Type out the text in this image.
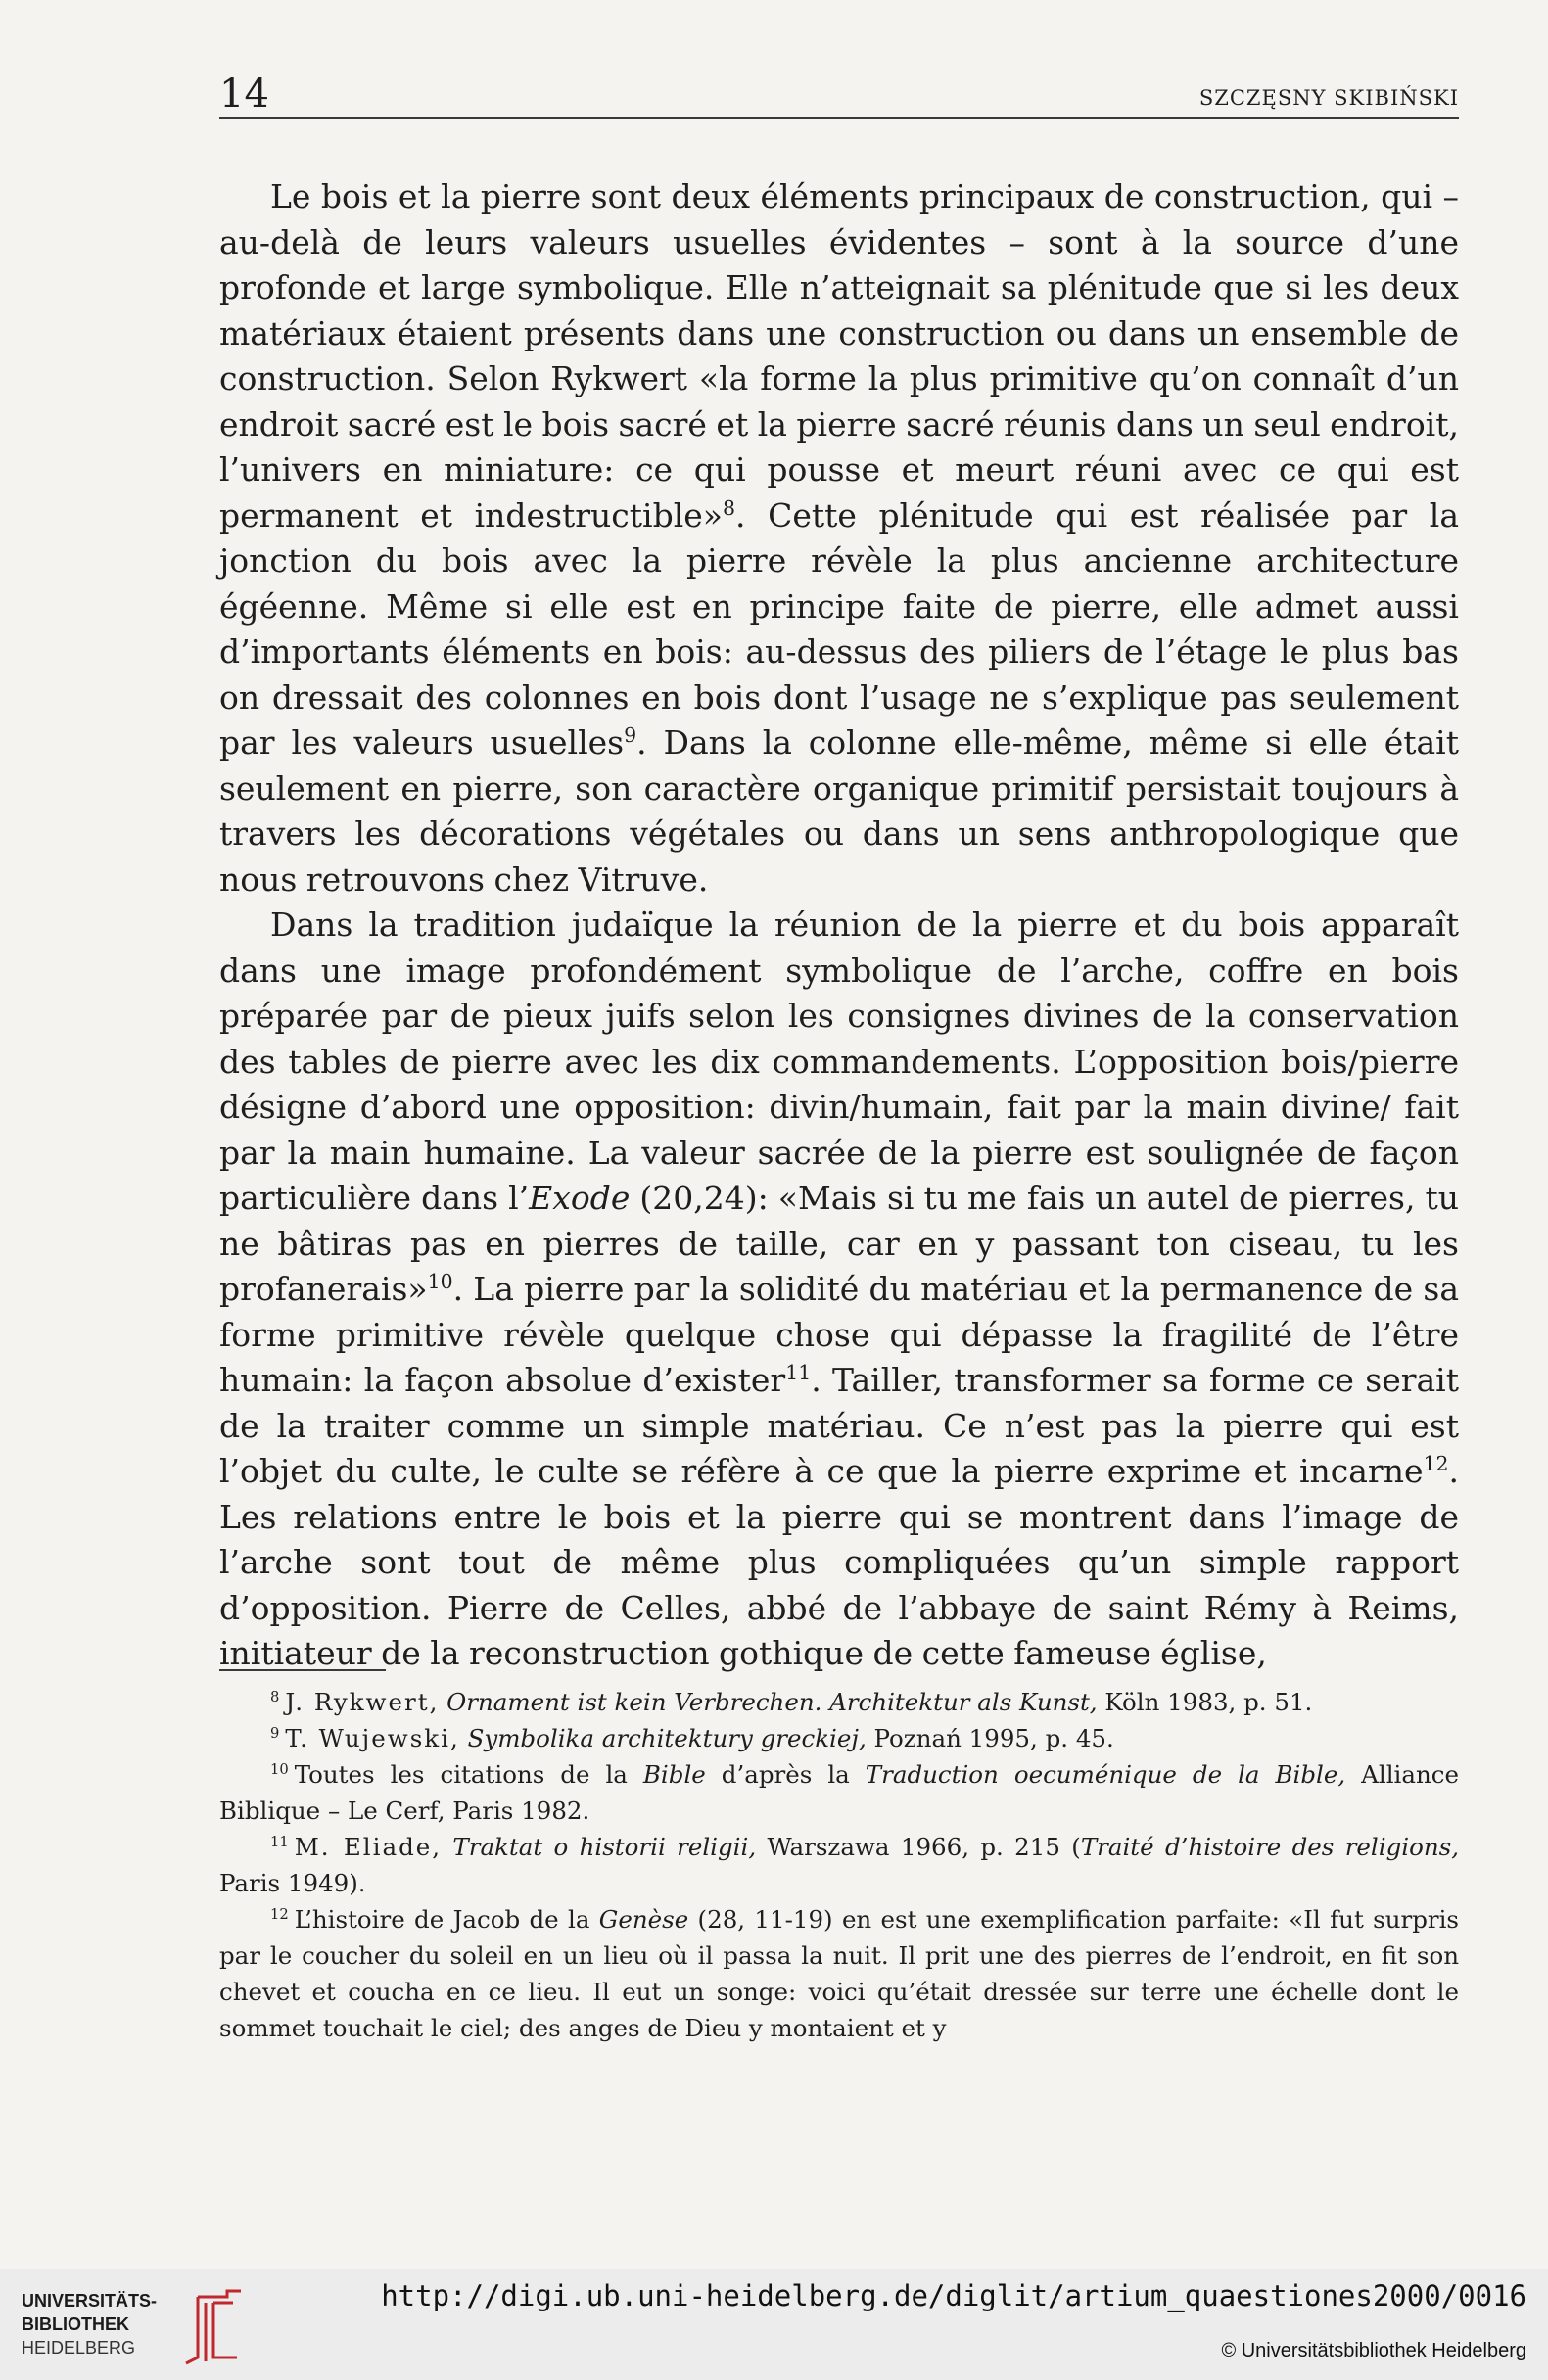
14	SZCZĘSNY SKIBIŃSKI

Le bois et la pierre sont deux éléments principaux de construction, qui – au-delà de leurs valeurs usuelles évidentes – sont à la source d’une profonde et large symbolique. Elle n’atteignait sa plénitude que si les deux matériaux étaient présents dans une construction ou dans un ensemble de construction. Selon Rykwert «la forme la plus primitive qu’on connaît d’un endroit sacré est le bois sacré et la pierre sacré réunis dans un seul endroit, l’univers en miniature: ce qui pousse et meurt réuni avec ce qui est permanent et indestructible»$^8$. Cette plénitude qui est réalisée par la jonction du bois avec la pierre révèle la plus ancienne architecture égéenne. Même si elle est en principe faite de pierre, elle admet aussi d’importants éléments en bois: au-dessus des piliers de l’étage le plus bas on dressait des colonnes en bois dont l’usage ne s’explique pas seulement par les valeurs usuelles$^9$. Dans la colonne elle-même, même si elle était seulement en pierre, son caractère organique primitif persistait toujours à travers les décorations végétales ou dans un sens anthropologique que nous retrouvons chez Vitruve.

Dans la tradition judaïque la réunion de la pierre et du bois apparaît dans une image profondément symbolique de l’arche, coffre en bois préparée par de pieux juifs selon les consignes divines de la conservation des tables de pierre avec les dix commandements. L’opposition bois/pierre désigne d’abord une opposition: divin/humain, fait par la main divine/ fait par la main humaine. La valeur sacrée de la pierre est soulignée de façon particulière dans l’Exode (20,24): «Mais si tu me fais un autel de pierres, tu ne bâtiras pas en pierres de taille, car en y passant ton ciseau, tu les profanerais»$^{10}$. La pierre par la solidité du matériau et la permanence de sa forme primitive révèle quelque chose qui dépasse la fragilité de l’être humain: la façon absolue d’exister$^{11}$. Tailler, transformer sa forme ce serait de la traiter comme un simple matériau. Ce n’est pas la pierre qui est l’objet du culte, le culte se réfère à ce que la pierre exprime et incarne$^{12}$. Les relations entre le bois et la pierre qui se montrent dans l’image de l’arche sont tout de même plus compliquées qu’un simple rapport d’opposition. Pierre de Celles, abbé de l’abbaye de saint Rémy à Reims, initiateur de la reconstruction gothique de cette fameuse église,

$^8$ J. Rykwert, Ornament ist kein Verbrechen. Architektur als Kunst, Köln 1983, p. 51.

$^9$ T. Wujewski, Symbolika architektury greckiej, Poznań 1995, p. 45.

$^{10}$ Toutes les citations de la Bible d’après la Traduction oecuménique de la Bible, Alliance Biblique – Le Cerf, Paris 1982.

$^{11}$ M. Eliade, Traktat o historii religii, Warszawa 1966, p. 215 (Traité d’histoire des religions, Paris 1949).

$^{12}$ L’histoire de Jacob de la Genèse (28, 11-19) en est une exemplification parfaite: «Il fut surpris par le coucher du soleil en un lieu où il passa la nuit. Il prit une des pierres de l’endroit, en fit son chevet et coucha en ce lieu. Il eut un songe: voici qu’était dressée sur terre une échelle dont le sommet touchait le ciel; des anges de Dieu y montaient et y

UNIVERSITÄTS-
BIBLIOTHEK
HEIDELBERG
http://digi.ub.uni-heidelberg.de/diglit/artium_quaestiones2000/0016
© Universitätsbibliothek Heidelberg
